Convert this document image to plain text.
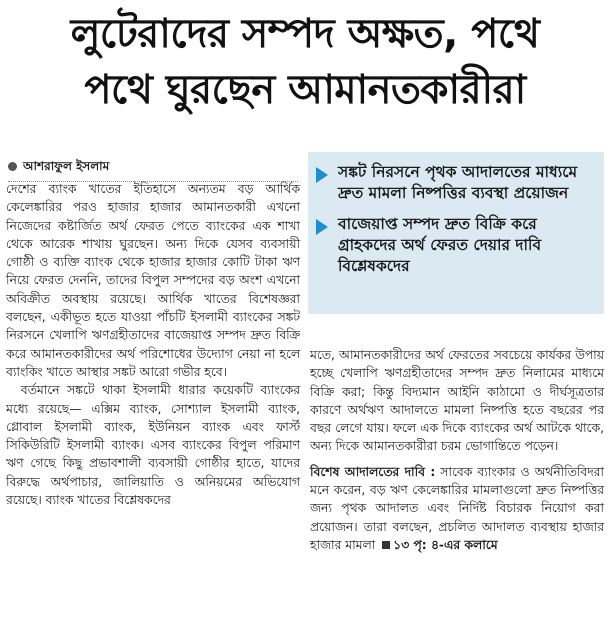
লুটেরাদের সম্পদ অক্ষত, পথে
পথে ঘুরছেন আমানতকারীরা
আশরাফুল ইসলাম

দেশের ব্যাংক খাতের ইতিহাসে অন্যতম বড় আর্থিক কেলেঙ্কারির পরও হাজার হাজার আমানতকারী এখনো নিজেদের কষ্টার্জিত অর্থ ফেরত পেতে ব্যাংকের এক শাখা থেকে আরেক শাখায় ঘুরছেন। অন্য দিকে যেসব ব্যবসায়ী গোষ্ঠী ও ব্যক্তি ব্যাংক থেকে হাজার হাজার কোটি টাকা ঋণ নিয়ে ফেরত দেননি, তাদের বিপুল সম্পদের বড় অংশ এখনো অবিক্রীত অবস্থায় রয়েছে। আর্থিক খাতের বিশেষজ্ঞরা বলছেন, একীভূত হতে যাওয়া পাঁচটি ইসলামী ব্যাংকের সঙ্কট নিরসনে খেলাপি ঋণগ্রহীতাদের বাজেয়াপ্ত সম্পদ দ্রুত বিক্রি করে আমানতকারীদের অর্থ পরিশোধের উদ্যোগ নেয়া না হলে ব্যাংকিং খাতে আস্থার সঙ্কট আরো গভীর হবে।

বর্তমানে সঙ্কটে থাকা ইসলামী ধারার কয়েকটি ব্যাংকের মধ্যে রয়েছে— এক্সিম ব্যাংক, সোশ্যাল ইসলামী ব্যাংক, গ্লোবাল ইসলামী ব্যাংক, ইউনিয়ন ব্যাংক এবং ফার্স্ট সিকিউরিটি ইসলামী ব্যাংক। এসব ব্যাংকের বিপুল পরিমাণ ঋণ গেছে কিছু প্রভাবশালী ব্যবসায়ী গোষ্ঠীর হাতে, যাদের বিরুদ্ধে অর্থপাচার, জালিয়াতি ও অনিয়মের অভিযোগ রয়েছে। ব্যাংক খাতের বিশ্লেষকদের

সঙ্কট নিরসনে পৃথক আদালতের মাধ্যমে দ্রুত মামলা নিষ্পত্তির ব্যবস্থা প্রয়োজন
বাজেয়াপ্ত সম্পদ দ্রুত বিক্রি করে গ্রাহকদের অর্থ ফেরত দেয়ার দাবি বিশ্লেষকদের

মতে, আমানতকারীদের অর্থ ফেরতের সবচেয়ে কার্যকর উপায় হচ্ছে খেলাপি ঋণগ্রহীতাদের সম্পদ দ্রুত নিলামের মাধ্যমে বিক্রি করা; কিন্তু বিদ্যমান আইনি কাঠামো ও দীর্ঘসূত্রতার কারণে অর্থঋণ আদালতে মামলা নিষ্পত্তি হতে বছরের পর বছর লেগে যায়। ফলে এক দিকে ব্যাংকের অর্থ আটকে থাকে, অন্য দিকে আমানতকারীরা চরম ভোগান্তিতে পড়েন।

বিশেষ আদালতের দাবি : সাবেক ব্যাংকার ও অর্থনীতিবিদরা মনে করেন, বড় ঋণ কেলেঙ্কারির মামলাগুলো দ্রুত নিষ্পত্তির জন্য পৃথক আদালত এবং নির্দিষ্ট বিচারক নিয়োগ করা প্রয়োজন। তারা বলছেন, প্রচলিত আদালত ব্যবস্থায় হাজার হাজার মামলা ১৩ পৃ: ৪-এর কলামে
